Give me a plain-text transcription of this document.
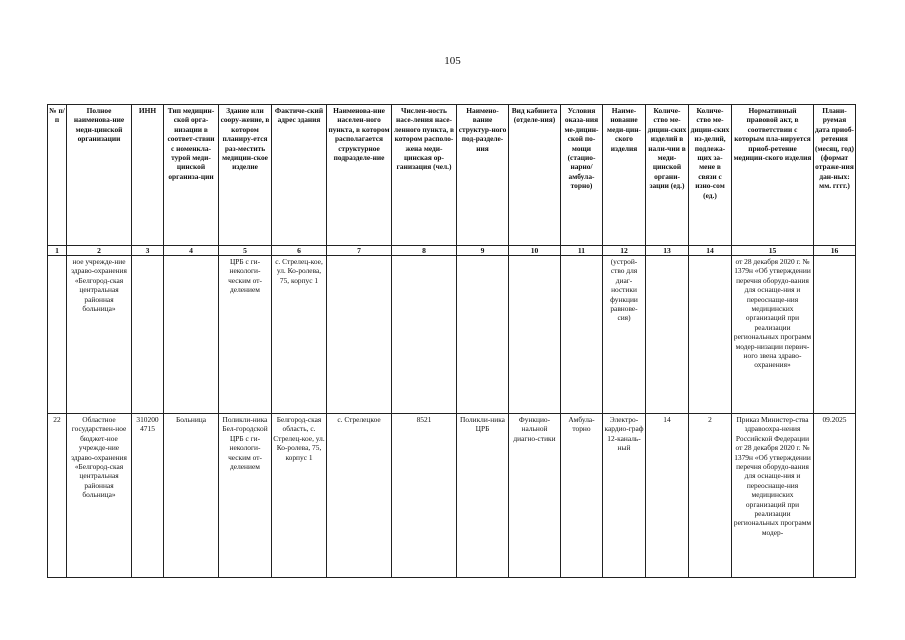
105
№ п/п	Полное наименова-ние меди-цинской организации	ИНН	Тип медицин-ской орга-низации в соответ-ствии с номенкла-турой меди-цинской организа-ции	Здание или соору-жение, в котором планиру-ется раз-местить медицин-ское изделие	Фактиче-ский адрес здания	Наименова-ние населен-ного пункта, в котором располагается структурное подразделе-ние	Числен-ность насе-ления насе-ленного пункта, в котором располо-жена меди-цинская ор-ганизация (чел.)	Наимено-вание структур-ного под-разделе-ния	Вид кабинета (отделе-ния)	Условия оказа-ния ме-дицин-ской по-мощи (стацио-нарно/ амбула-торно)	Наиме-нование меди-цин-ского изделия	Количе-ство ме-дицин-ских изделий в нали-чии в меди-цинской органи-зации (ед.)	Количе-ство ме-дицин-ских из-делий, подлежа-щих за-мене в связи с изно-сом (ед.)	Нормативный правовой акт, в соответствии с которым пла-нируется приоб-ретение медицин-ского изделия	Плани-руемая дата приоб-ретения (месяц, год) (формат отраже-ния дан-ных: мм. гггг.)
1	2	3	4	5	6	7	8	9	10	11	12	13	14	15	16
	ное учрежде-ние здраво-охранения «Белгород-ская центральная районная больница»			ЦРБ с ги-некологи-ческим от-делением	с. Стрелец-кое, ул. Ко-ролева, 75, корпус 1						(устрой-ство для диаг-ностики функции равнове-сия)			от 28 декабря 2020 г. № 1379н «Об утверждении перечня оборудо-вания для оснаще-ния и переоснаще-ния медицинских организаций при реализации региональных программ модер-низации первич-ного звена здраво-охранения»	
22	Областное государствен-ное бюджет-ное учрежде-ние здраво-охранения «Белгород-ская центральная районная больница»	310200 4715	Больница	Поликли-ника Бел-городской ЦРБ с ги-некологи-ческим от-делением	Белгород-ская область, с. Стрелец-кое, ул. Ко-ролева, 75, корпус 1	с. Стрелецкое	8521	Поликли-ника ЦРБ	Функцио-нальной диагно-стики	Амбула-торно	Электро-кардио-граф 12-каналь-ный	14	2	Приказ Министер-ства здравоохра-нения Российской Федерации от 28 декабря 2020 г. № 1379н «Об утверждении перечня оборудо-вания для оснаще-ния и переоснаще-ния медицинских организаций при реализации региональных программ модер-	09.2025
